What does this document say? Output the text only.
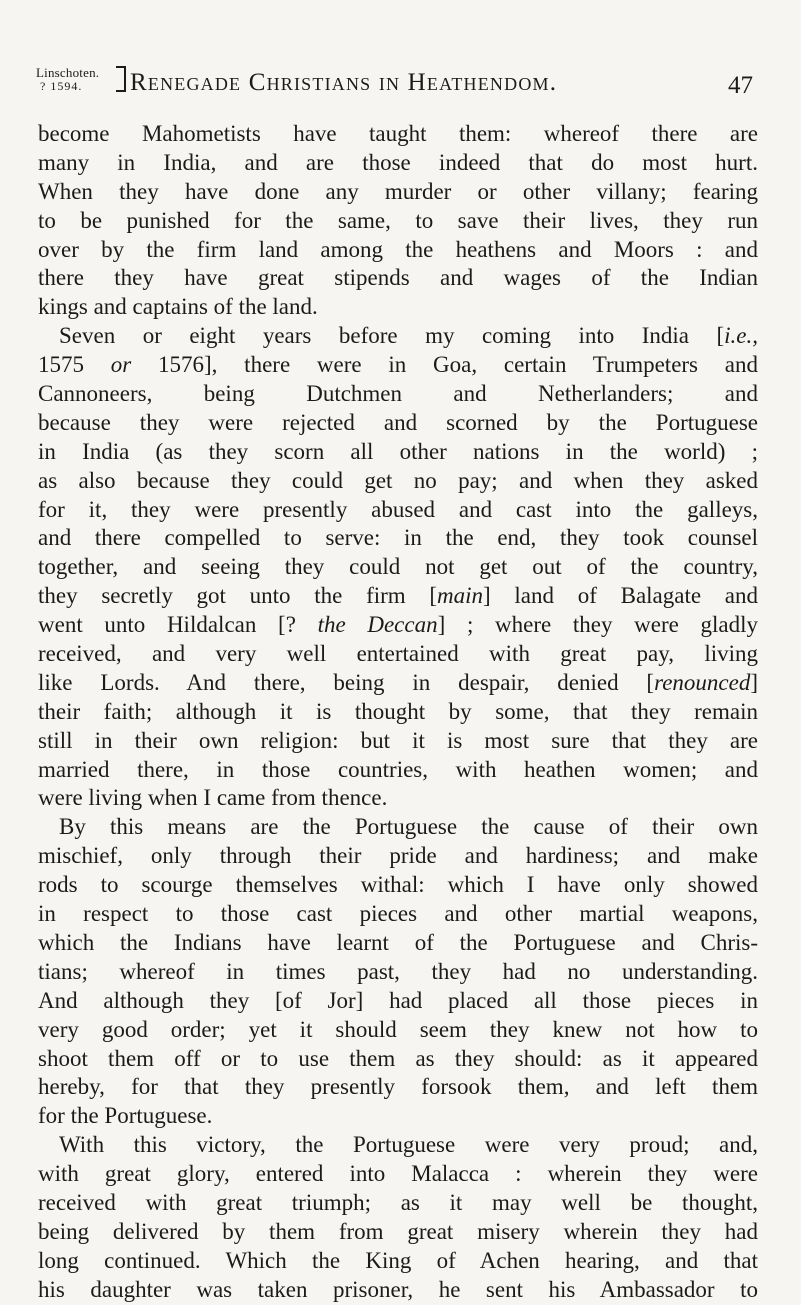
Linschoten.
? 1594. Renegade Christians in Heathendom.	47
become Mahometists have taught them: whereof there are
many in India, and are those indeed that do most hurt.
When they have done any murder or other villany; fearing
to be punished for the same, to save their lives, they run
over by the firm land among the heathens and Moors : and
there they have great stipends and wages of the Indian
kings and captains of the land.
Seven or eight years before my coming into India [i.e.,
1575 or 1576], there were in Goa, certain Trumpeters and
Cannoneers, being Dutchmen and Netherlanders; and
because they were rejected and scorned by the Portuguese
in India (as they scorn all other nations in the world) ;
as also because they could get no pay; and when they asked
for it, they were presently abused and cast into the galleys,
and there compelled to serve: in the end, they took counsel
together, and seeing they could not get out of the country,
they secretly got unto the firm [main] land of Balagate and
went unto Hildalcan [? the Deccan] ; where they were gladly
received, and very well entertained with great pay, living
like Lords. And there, being in despair, denied [renounced]
their faith; although it is thought by some, that they remain
still in their own religion: but it is most sure that they are
married there, in those countries, with heathen women; and
were living when I came from thence.
By this means are the Portuguese the cause of their own
mischief, only through their pride and hardiness; and make
rods to scourge themselves withal: which I have only showed
in respect to those cast pieces and other martial weapons,
which the Indians have learnt of the Portuguese and Chris-
tians; whereof in times past, they had no understanding.
And although they [of Jor] had placed all those pieces in
very good order; yet it should seem they knew not how to
shoot them off or to use them as they should: as it appeared
hereby, for that they presently forsook them, and left them
for the Portuguese.
With this victory, the Portuguese were very proud; and,
with great glory, entered into Malacca : wherein they were
received with great triumph; as it may well be thought,
being delivered by them from great misery wherein they had
long continued. Which the King of Achen hearing, and that
his daughter was taken prisoner, he sent his Ambassador to
